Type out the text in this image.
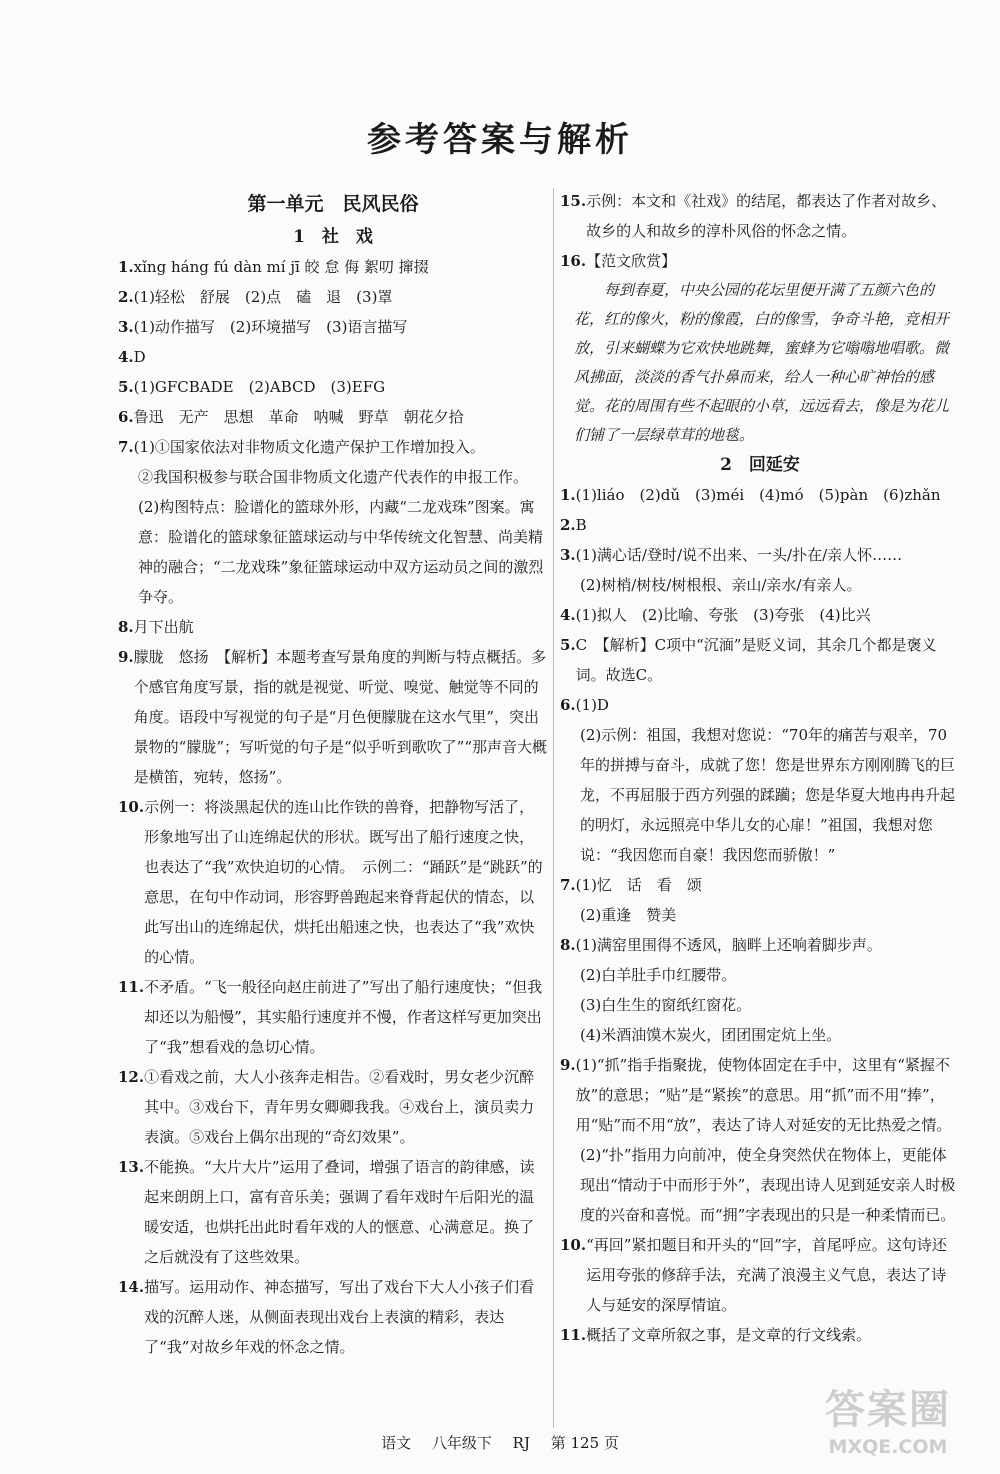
参考答案与解析
第一单元　民风民俗
1　社　戏
1. xǐng háng fú dàn mí jī 皎 怠 侮 絮叨 撺掇
2. (1)轻松　舒展　(2)点　磕　退　(3)罩
3. (1)动作描写　(2)环境描写　(3)语言描写
4. D
5. (1)GFCBADE　(2)ABCD　(3)EFG
6. 鲁迅　无产　思想　革命　呐喊　野草　朝花夕拾
7. (1)①国家依法对非物质文化遗产保护工作增加投入。
②我国积极参与联合国非物质文化遗产代表作的申报工作。
(2)构图特点：脸谱化的篮球外形，内藏“二龙戏珠”图案。寓意：脸谱化的篮球象征篮球运动与中华传统文化智慧、尚美精神的融合；“二龙戏珠”象征篮球运动中双方运动员之间的激烈争夺。
8. 月下出航
9. 朦胧　悠扬　【解析】本题考查写景角度的判断与特点概括。多个感官角度写景，指的就是视觉、听觉、嗅觉、触觉等不同的角度。语段中写视觉的句子是“月色便朦胧在这水气里”，突出景物的“朦胧”；写听觉的句子是“似乎听到歌吹了”“那声音大概是横笛，宛转，悠扬”。
10. 示例一：将淡黑起伏的连山比作铁的兽脊，把静物写活了，形象地写出了山连绵起伏的形状。既写出了船行速度之快，也表达了“我”欢快迫切的心情。　示例二：“踊跃”是“跳跃”的意思，在句中作动词，形容野兽跑起来脊背起伏的情态，以此写出山的连绵起伏，烘托出船速之快，也表达了“我”欢快的心情。
11. 不矛盾。“飞一般径向赵庄前进了”写出了船行速度快；“但我却还以为船慢”，其实船行速度并不慢，作者这样写更加突出了“我”想看戏的急切心情。
12. ①看戏之前，大人小孩奔走相告。②看戏时，男女老少沉醉其中。③戏台下，青年男女卿卿我我。④戏台上，演员卖力表演。⑤戏台上偶尔出现的“奇幻效果”。
13. 不能换。“大片大片”运用了叠词，增强了语言的韵律感，读起来朗朗上口，富有音乐美；强调了看年戏时午后阳光的温暖安适，也烘托出此时看年戏的人的惬意、心满意足。换了之后就没有了这些效果。
14. 描写。运用动作、神态描写，写出了戏台下大人小孩子们看戏的沉醉人迷，从侧面表现出戏台上表演的精彩，表达了“我”对故乡年戏的怀念之情。
15. 示例：本文和《社戏》的结尾，都表达了作者对故乡、故乡的人和故乡的淳朴风俗的怀念之情。
16. 【范文欣赏】
每到春夏，中央公园的花坛里便开满了五颜六色的花，红的像火，粉的像霞，白的像雪，争奇斗艳，竞相开放，引来蝴蝶为它欢快地跳舞，蜜蜂为它嗡嗡地唱歌。微风拂面，淡淡的香气扑鼻而来，给人一种心旷神怡的感觉。花的周围有些不起眼的小草，远远看去，像是为花儿们铺了一层绿草茸的地毯。
2　回延安
1. (1)liáo　(2)dǔ　(3)méi　(4)mó　(5)pàn　(6)zhǎn
2. B
3. (1)满心话/登时/说不出来、一头/扑在/亲人怀……
(2)树梢/树枝/树根根、亲山/亲水/有亲人。
4. (1)拟人　(2)比喻、夸张　(3)夸张　(4)比兴
5. C　【解析】C项中“沉湎”是贬义词，其余几个都是褒义词。故选C。
6. (1)D
(2)示例：祖国，我想对您说：“70年的痛苦与艰辛，70年的拼搏与奋斗，成就了您！您是世界东方刚刚腾飞的巨龙，不再屈服于西方列强的蹂躏；您是华夏大地冉冉升起的明灯，永远照亮中华儿女的心扉！”祖国，我想对您说：“我因您而自豪！我因您而骄傲！”
7. (1)忆　话　看　颂
(2)重逢　赞美
8. (1)满窑里围得不透风，脑畔上还响着脚步声。
(2)白羊肚手巾红腰带。
(3)白生生的窗纸红窗花。
(4)米酒油馍木炭火，团团围定炕上坐。
9. (1)“抓”指手指聚拢，使物体固定在手中，这里有“紧握不放”的意思；“贴”是“紧挨”的意思。用“抓”而不用“捧”，用“贴”而不用“放”，表达了诗人对延安的无比热爱之情。
(2)“扑”指用力向前冲，使全身突然伏在物体上，更能体现出“情动于中而形于外”，表现出诗人见到延安亲人时极度的兴奋和喜悦。而“拥”字表现出的只是一种柔情而已。
10. “再回”紧扣题目和开头的“回”字，首尾呼应。这句诗还运用夸张的修辞手法，充满了浪漫主义气息，表达了诗人与延安的深厚情谊。
11. 概括了文章所叙之事，是文章的行文线索。
语文 八年级下 RJ 第 125 页
答案圈
MXQE.COM
